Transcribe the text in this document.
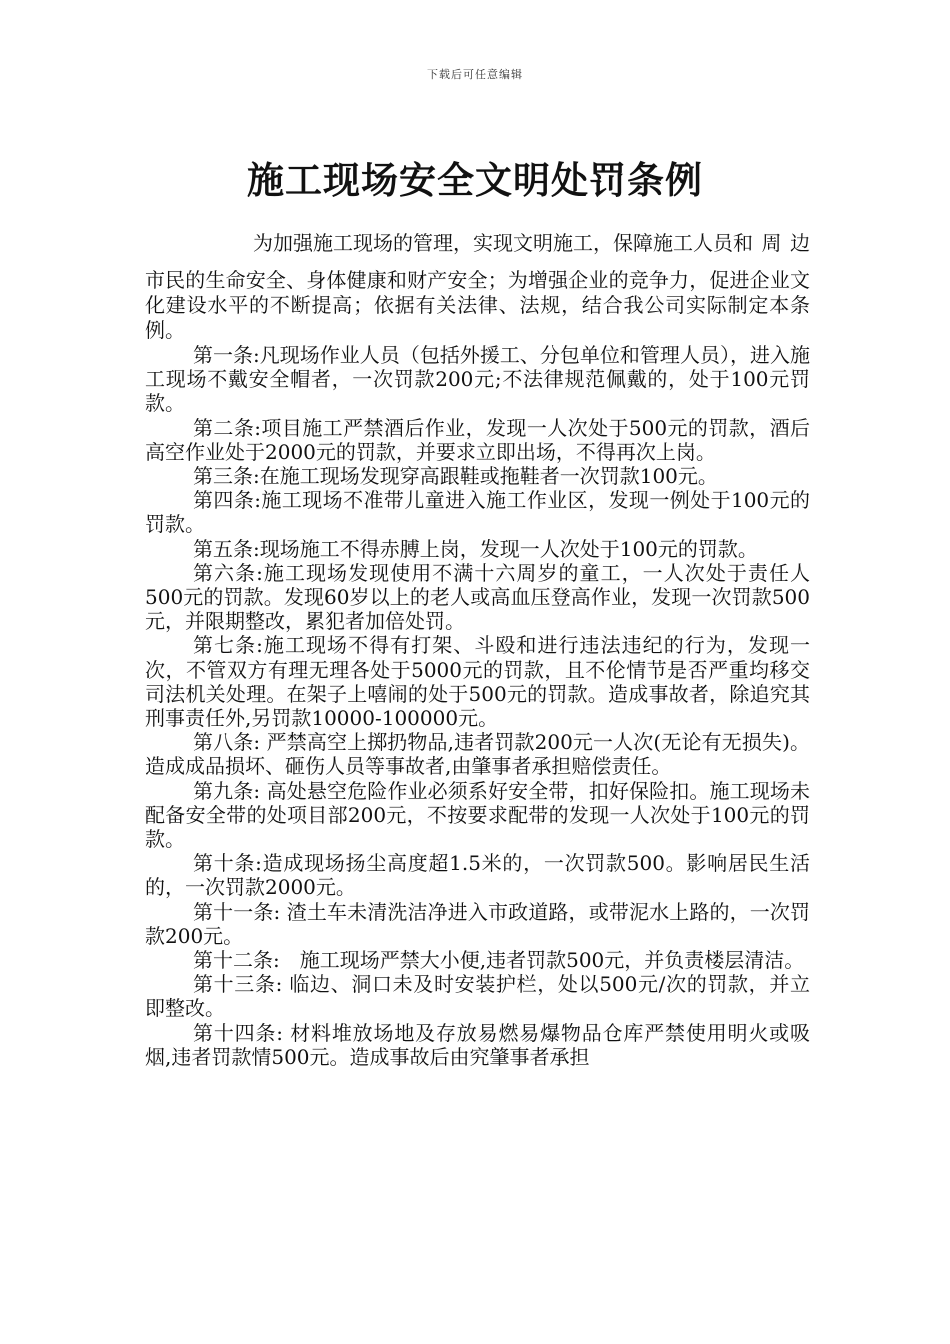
下载后可任意编辑
施工现场安全文明处罚条例

为加强施工现场的管理，实现文明施工，保障施工人员和周边市民的生命安全、身体健康和财产安全；为增强企业的竞争力，促进企业文化建设水平的不断提高；依据有关法律、法规，结合我公司实际制定本条例。

第一条:凡现场作业人员（包括外援工、分包单位和管理人员），进入施工现场不戴安全帽者，一次罚款200元;不法律规范佩戴的，处于100元罚款。

第二条:项目施工严禁酒后作业，发现一人次处于500元的罚款，酒后高空作业处于2000元的罚款，并要求立即出场，不得再次上岗。

第三条:在施工现场发现穿高跟鞋或拖鞋者一次罚款100元。

第四条:施工现场不准带儿童进入施工作业区，发现一例处于100元的罚款。

第五条:现场施工不得赤膊上岗，发现一人次处于100元的罚款。

第六条:施工现场发现使用不满十六周岁的童工，一人次处于责任人500元的罚款。发现60岁以上的老人或高血压登高作业，发现一次罚款500元，并限期整改，累犯者加倍处罚。

第七条:施工现场不得有打架、斗殴和进行违法违纪的行为，发现一次，不管双方有理无理各处于5000元的罚款，且不伦情节是否严重均移交司法机关处理。在架子上嘻闹的处于500元的罚款。造成事故者，除追究其刑事责任外,另罚款10000-100000元。

第八条: 严禁高空上掷扔物品,违者罚款200元一人次(无论有无损失)。造成成品损坏、砸伤人员等事故者,由肇事者承担赔偿责任。

第九条: 高处悬空危险作业必须系好安全带，扣好保险扣。施工现场未配备安全带的处项目部200元，不按要求配带的发现一人次处于100元的罚款。

第十条:造成现场扬尘高度超1.5米的，一次罚款500。影响居民生活的，一次罚款2000元。

第十一条: 渣土车未清洗洁净进入市政道路，或带泥水上路的，一次罚款200元。

第十二条:　施工现场严禁大小便,违者罚款500元，并负责楼层清洁。

第十三条: 临边、洞口未及时安装护栏，处以500元/次的罚款，并立即整改。

第十四条: 材料堆放场地及存放易燃易爆物品仓库严禁使用明火或吸烟,违者罚款情500元。造成事故后由究肇事者承担
